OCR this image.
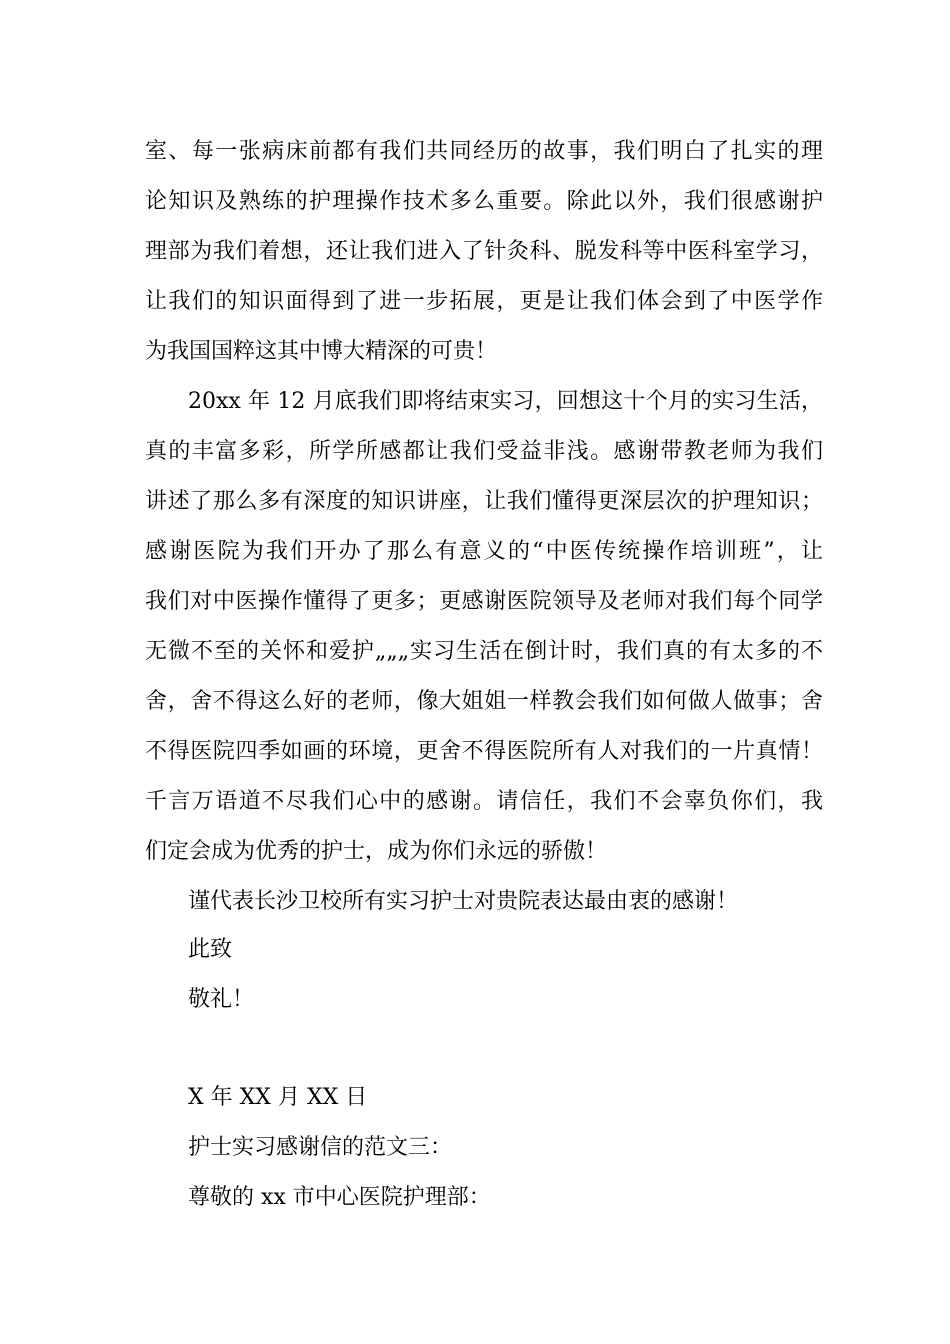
室、每一张病床前都有我们共同经历的故事，我们明白了扎实的理
论知识及熟练的护理操作技术多么重要。除此以外，我们很感谢护
理部为我们着想，还让我们进入了针灸科、脱发科等中医科室学习，
让我们的知识面得到了进一步拓展，更是让我们体会到了中医学作
为我国国粹这其中博大精深的可贵！
20xx 年 12 月底我们即将结束实习，回想这十个月的实习生活，
真的丰富多彩，所学所感都让我们受益非浅。感谢带教老师为我们
讲述了那么多有深度的知识讲座，让我们懂得更深层次的护理知识；
感谢医院为我们开办了那么有意义的“中医传统操作培训班”，让
我们对中医操作懂得了更多；更感谢医院领导及老师对我们每个同学
无微不至的关怀和爱护„„„实习生活在倒计时，我们真的有太多的不
舍，舍不得这么好的老师，像大姐姐一样教会我们如何做人做事；舍
不得医院四季如画的环境，更舍不得医院所有人对我们的一片真情！
千言万语道不尽我们心中的感谢。请信任，我们不会辜负你们，我
们定会成为优秀的护士，成为你们永远的骄傲！
谨代表长沙卫校所有实习护士对贵院表达最由衷的感谢！
此致
敬礼！
X 年 XX 月 XX 日
护士实习感谢信的范文三：
尊敬的 xx 市中心医院护理部：
